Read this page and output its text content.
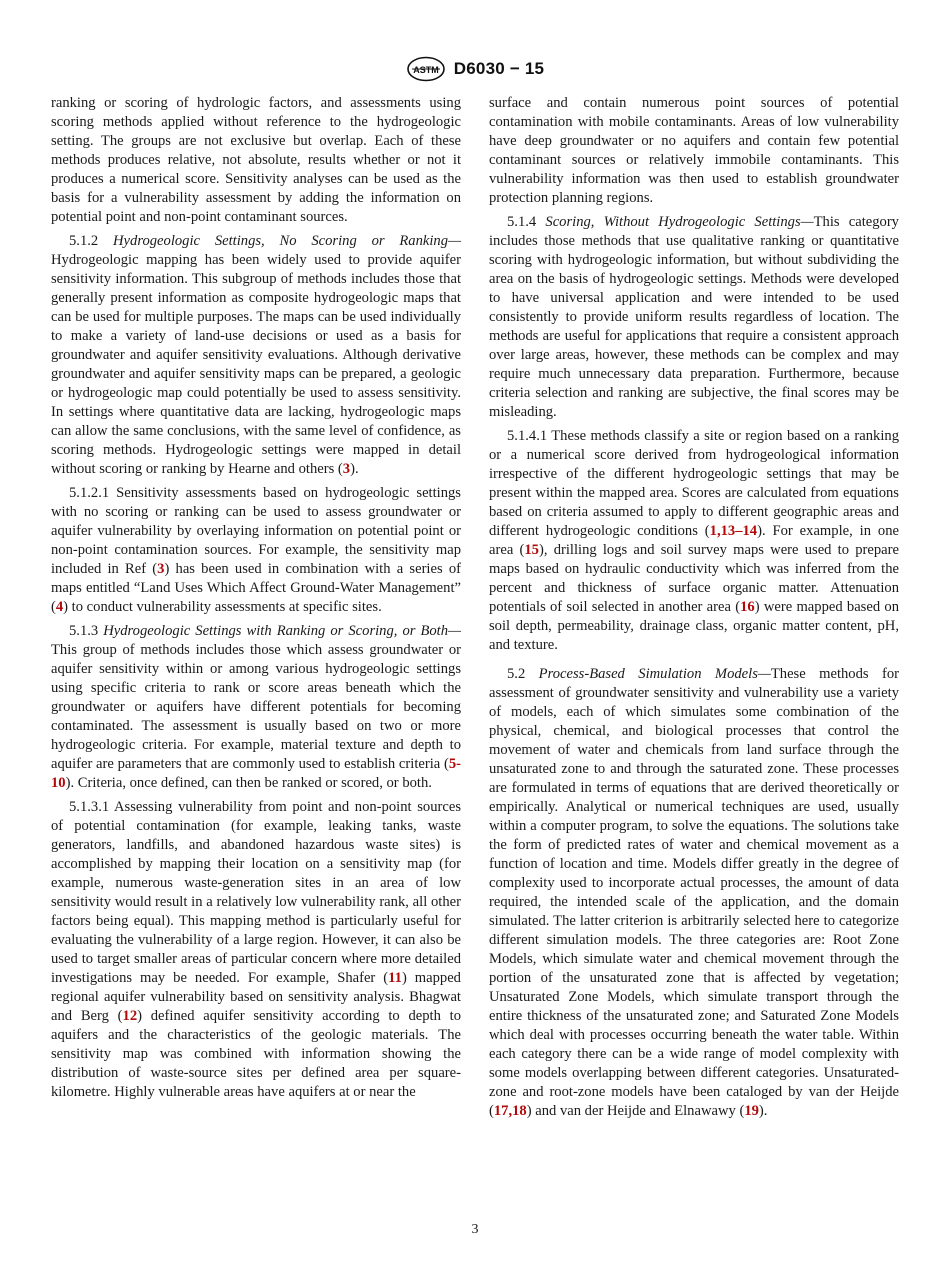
ASTM D6030 − 15

ranking or scoring of hydrologic factors, and assessments using scoring methods applied without reference to the hydrogeologic setting. The groups are not exclusive but overlap. Each of these methods produces relative, not absolute, results whether or not it produces a numerical score. Sensitivity analyses can be used as the basis for a vulnerability assessment by adding the information on potential point and non-point contaminant sources.

5.1.2 Hydrogeologic Settings, No Scoring or Ranking—Hydrogeologic mapping has been widely used to provide aquifer sensitivity information. This subgroup of methods includes those that generally present information as composite hydrogeologic maps that can be used for multiple purposes. The maps can be used individually to make a variety of land-use decisions or used as a basis for groundwater and aquifer sensitivity evaluations. Although derivative groundwater and aquifer sensitivity maps can be prepared, a geologic or hydrogeologic map could potentially be used to assess sensitivity. In settings where quantitative data are lacking, hydrogeologic maps can allow the same conclusions, with the same level of confidence, as scoring methods. Hydrogeologic settings were mapped in detail without scoring or ranking by Hearne and others (3).

5.1.2.1 Sensitivity assessments based on hydrogeologic settings with no scoring or ranking can be used to assess groundwater or aquifer vulnerability by overlaying information on potential point or non-point contamination sources. For example, the sensitivity map included in Ref (3) has been used in combination with a series of maps entitled “Land Uses Which Affect Ground-Water Management” (4) to conduct vulnerability assessments at specific sites.

5.1.3 Hydrogeologic Settings with Ranking or Scoring, or Both—This group of methods includes those which assess groundwater or aquifer sensitivity within or among various hydrogeologic settings using specific criteria to rank or score areas beneath which the groundwater or aquifers have different potentials for becoming contaminated. The assessment is usually based on two or more hydrogeologic criteria. For example, material texture and depth to aquifer are parameters that are commonly used to establish criteria (5-10). Criteria, once defined, can then be ranked or scored, or both.

5.1.3.1 Assessing vulnerability from point and non-point sources of potential contamination (for example, leaking tanks, waste generators, landfills, and abandoned hazardous waste sites) is accomplished by mapping their location on a sensitivity map (for example, numerous waste-generation sites in an area of low sensitivity would result in a relatively low vulnerability rank, all other factors being equal). This mapping method is particularly useful for evaluating the vulnerability of a large region. However, it can also be used to target smaller areas of particular concern where more detailed investigations may be needed. For example, Shafer (11) mapped regional aquifer vulnerability based on sensitivity analysis. Bhagwat and Berg (12) defined aquifer sensitivity according to depth to aquifers and the characteristics of the geologic materials. The sensitivity map was combined with information showing the distribution of waste-source sites per defined area per square-kilometre. Highly vulnerable areas have aquifers at or near the

surface and contain numerous point sources of potential contamination with mobile contaminants. Areas of low vulnerability have deep groundwater or no aquifers and contain few potential contaminant sources or relatively immobile contaminants. This vulnerability information was then used to establish groundwater protection planning regions.

5.1.4 Scoring, Without Hydrogeologic Settings—This category includes those methods that use qualitative ranking or quantitative scoring with hydrogeologic information, but without subdividing the area on the basis of hydrogeologic settings. Methods were developed to have universal application and were intended to be used consistently to provide uniform results regardless of location. The methods are useful for applications that require a consistent approach over large areas, however, these methods can be complex and may require much unnecessary data preparation. Furthermore, because criteria selection and ranking are subjective, the final scores may be misleading.

5.1.4.1 These methods classify a site or region based on a ranking or a numerical score derived from hydrogeological information irrespective of the different hydrogeologic settings that may be present within the mapped area. Scores are calculated from equations based on criteria assumed to apply to different geographic areas and different hydrogeologic conditions (1,13–14). For example, in one area (15), drilling logs and soil survey maps were used to prepare maps based on hydraulic conductivity which was inferred from the percent and thickness of surface organic matter. Attenuation potentials of soil selected in another area (16) were mapped based on soil depth, permeability, drainage class, organic matter content, pH, and texture.

5.2 Process-Based Simulation Models—These methods for assessment of groundwater sensitivity and vulnerability use a variety of models, each of which simulates some combination of the physical, chemical, and biological processes that control the movement of water and chemicals from land surface through the unsaturated zone to and through the saturated zone. These processes are formulated in terms of equations that are derived theoretically or empirically. Analytical or numerical techniques are used, usually within a computer program, to solve the equations. The solutions take the form of predicted rates of water and chemical movement as a function of location and time. Models differ greatly in the degree of complexity used to incorporate actual processes, the amount of data required, the intended scale of the application, and the domain simulated. The latter criterion is arbitrarily selected here to categorize different simulation models. The three categories are: Root Zone Models, which simulate water and chemical movement through the portion of the unsaturated zone that is affected by vegetation; Unsaturated Zone Models, which simulate transport through the entire thickness of the unsaturated zone; and Saturated Zone Models which deal with processes occurring beneath the water table. Within each category there can be a wide range of model complexity with some models overlapping between different categories. Unsaturated-zone and root-zone models have been cataloged by van der Heijde (17,18) and van der Heijde and Elnawawy (19).

3
